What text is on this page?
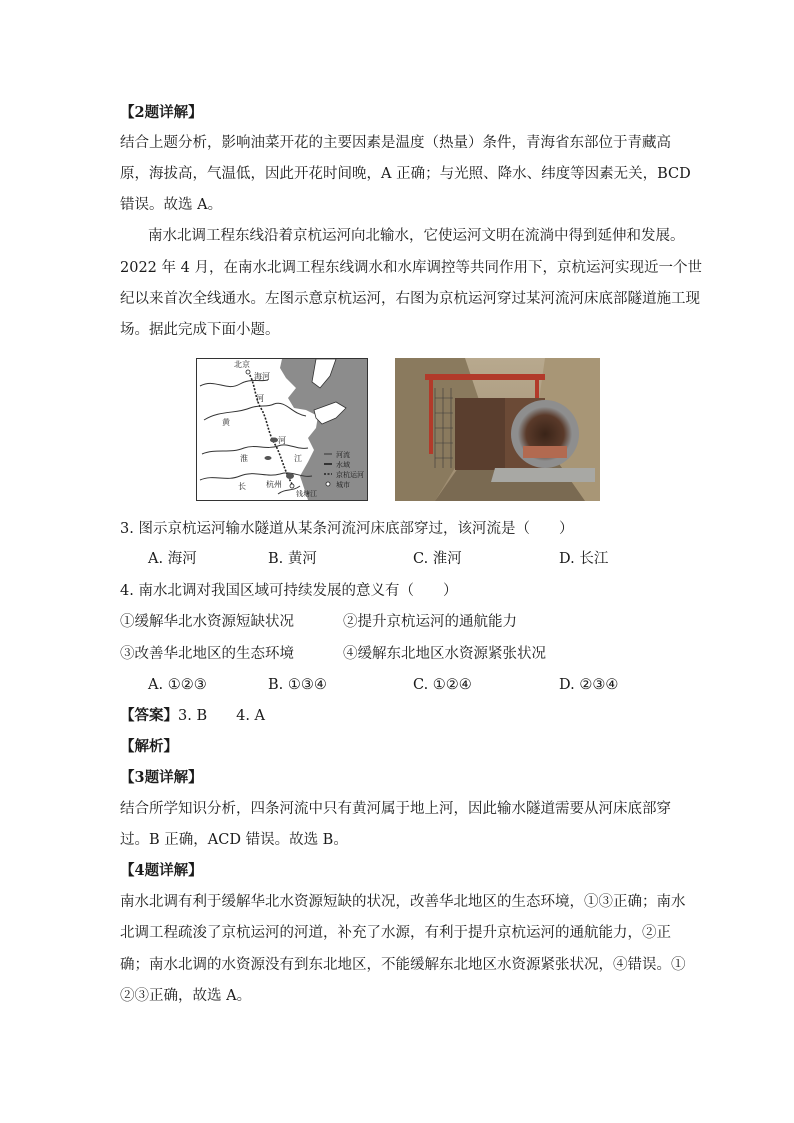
【2题详解】
结合上题分析，影响油菜开花的主要因素是温度（热量）条件，青海省东部位于青藏高
原，海拔高，气温低，因此开花时间晚，A 正确；与光照、降水、纬度等因素无关，BCD
错误。故选 A。
南水北调工程东线沿着京杭运河向北输水，它使运河文明在流淌中得到延伸和发展。
2022 年 4 月，在南水北调工程东线调水和水库调控等共同作用下，京杭运河实现近一个世
纪以来首次全线通水。左图示意京杭运河，右图为京杭运河穿过某河流河床底部隧道施工现
场。据此完成下面小题。
北京
海河
河
黄
河
淮	江
长	杭州
钱塘江
河流
水域
京杭运河
城市
3. 图示京杭运河输水隧道从某条河流河床底部穿过，该河流是（　　）
A. 海河	B. 黄河	C. 淮河	D. 长江
4. 南水北调对我国区域可持续发展的意义有（　　）
①缓解华北水资源短缺状况	②提升京杭运河的通航能力
③改善华北地区的生态环境	④缓解东北地区水资源紧张状况
A. ①②③	B. ①③④	C. ①②④	D. ②③④
【答案】3. B　　4. A
【解析】
【3题详解】
结合所学知识分析，四条河流中只有黄河属于地上河，因此输水隧道需要从河床底部穿
过。B 正确，ACD 错误。故选 B。
【4题详解】
南水北调有利于缓解华北水资源短缺的状况，改善华北地区的生态环境，①③正确；南水
北调工程疏浚了京杭运河的河道，补充了水源，有利于提升京杭运河的通航能力，②正
确；南水北调的水资源没有到东北地区，不能缓解东北地区水资源紧张状况，④错误。①
②③正确，故选 A。
